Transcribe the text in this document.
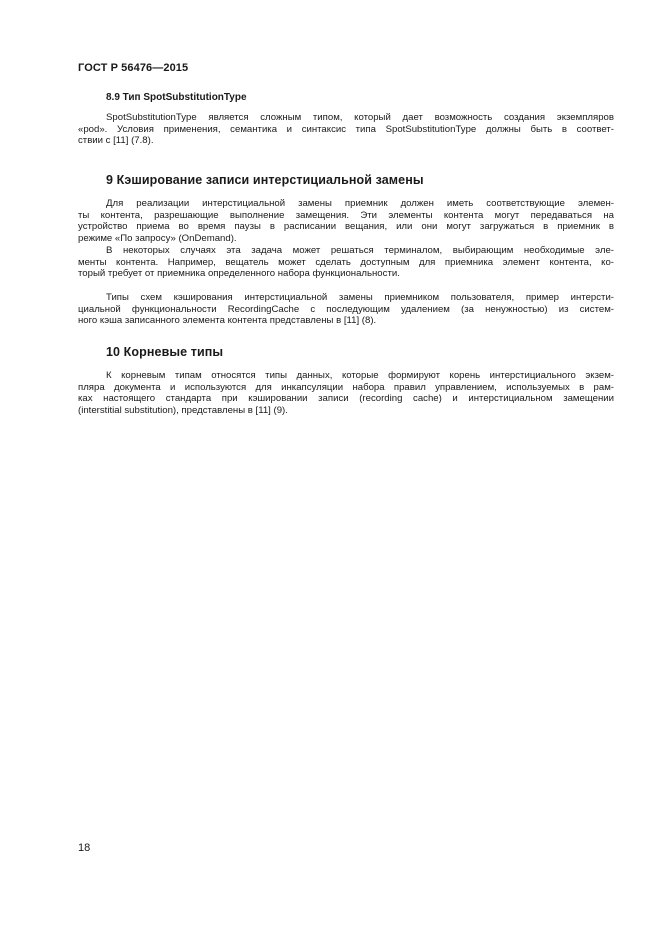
ГОСТ Р 56476—2015
8.9 Тип SpotSubstitutionType
SpotSubstitutionType является сложным типом, который дает возможность создания экземпляров
«роd». Условия применения, семантика и синтаксис типа SpotSubstitutionType должны быть в соответ-
ствии с [11] (7.8).
9 Кэширование записи интерстициальной замены
Для реализации интерстициальной замены приемник должен иметь соответствующие элемен-
ты контента, разрешающие выполнение замещения. Эти элементы контента могут передаваться на
устройство приема во время паузы в расписании вещания, или они могут загружаться в приемник в
режиме «По запросу» (OnDemand).
В некоторых случаях эта задача может решаться терминалом, выбирающим необходимые эле-
менты контента. Например, вещатель может сделать доступным для приемника элемент контента, ко-
торый требует от приемника определенного набора функциональности.
Типы схем кэширования интерстициальной замены приемником пользователя, пример интерсти-
циальной функциональности RecordingCache с последующим удалением (за ненужностью) из систем-
ного кэша записанного элемента контента представлены в [11] (8).
10 Корневые типы
К корневым типам относятся типы данных, которые формируют корень интерстициального экзем-
пляра документа и используются для инкапсуляции набора правил управлением, используемых в рам-
ках настоящего стандарта при кэшировании записи (recording cache) и интерстициальном замещении
(interstitial substitution), представлены в [11] (9).
18
